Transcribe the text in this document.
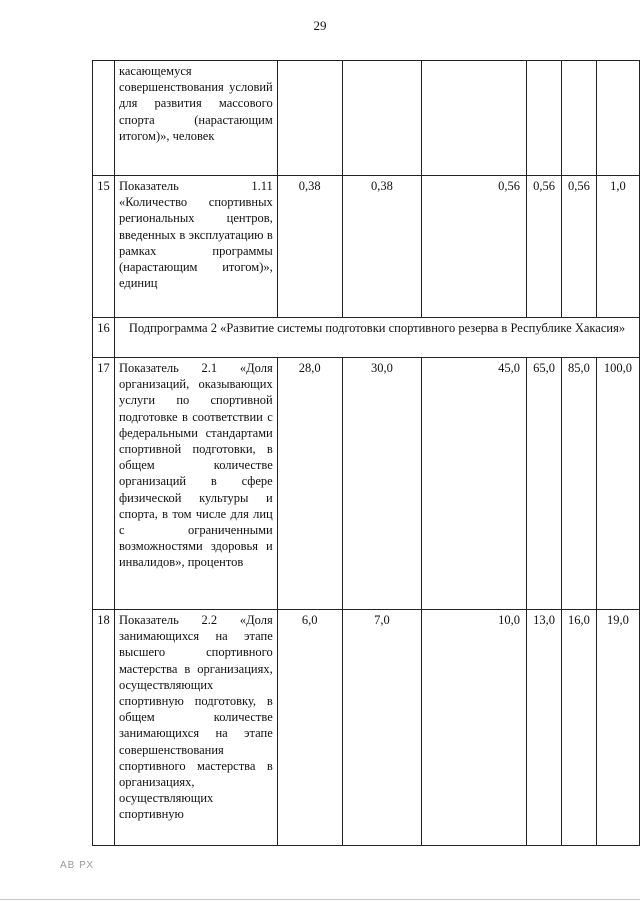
29
	касающемуся совершенствования условий для развития массового спорта (нарастающим итогом)», человек						
15	Показатель 1.11 «Количество спортивных региональных центров, введенных в эксплуатацию в рамках программы (нарастающим итогом)», единиц	0,38	0,38	0,56	0,56	0,56	1,0
16	Подпрограмма 2 «Развитие системы подготовки спортивного резерва в Республике Хакасия»						
17	Показатель 2.1 «Доля организаций, оказывающих услуги по спортивной подготовке в соответствии с федеральными стандартами спортивной подготовки, в общем количестве организаций в сфере физической культуры и спорта, в том числе для лиц с ограниченными возможностями здоровья и инвалидов», процентов	28,0	30,0	45,0	65,0	85,0	100,0
18	Показатель 2.2 «Доля занимающихся на этапе высшего спортивного мастерства в организациях, осуществляющих спортивную подготовку, в общем количестве занимающихся на этапе совершенствования спортивного мастерства в организациях, осуществляющих спортивную	6,0	7,0	10,0	13,0	16,0	19,0
АВ РХ
